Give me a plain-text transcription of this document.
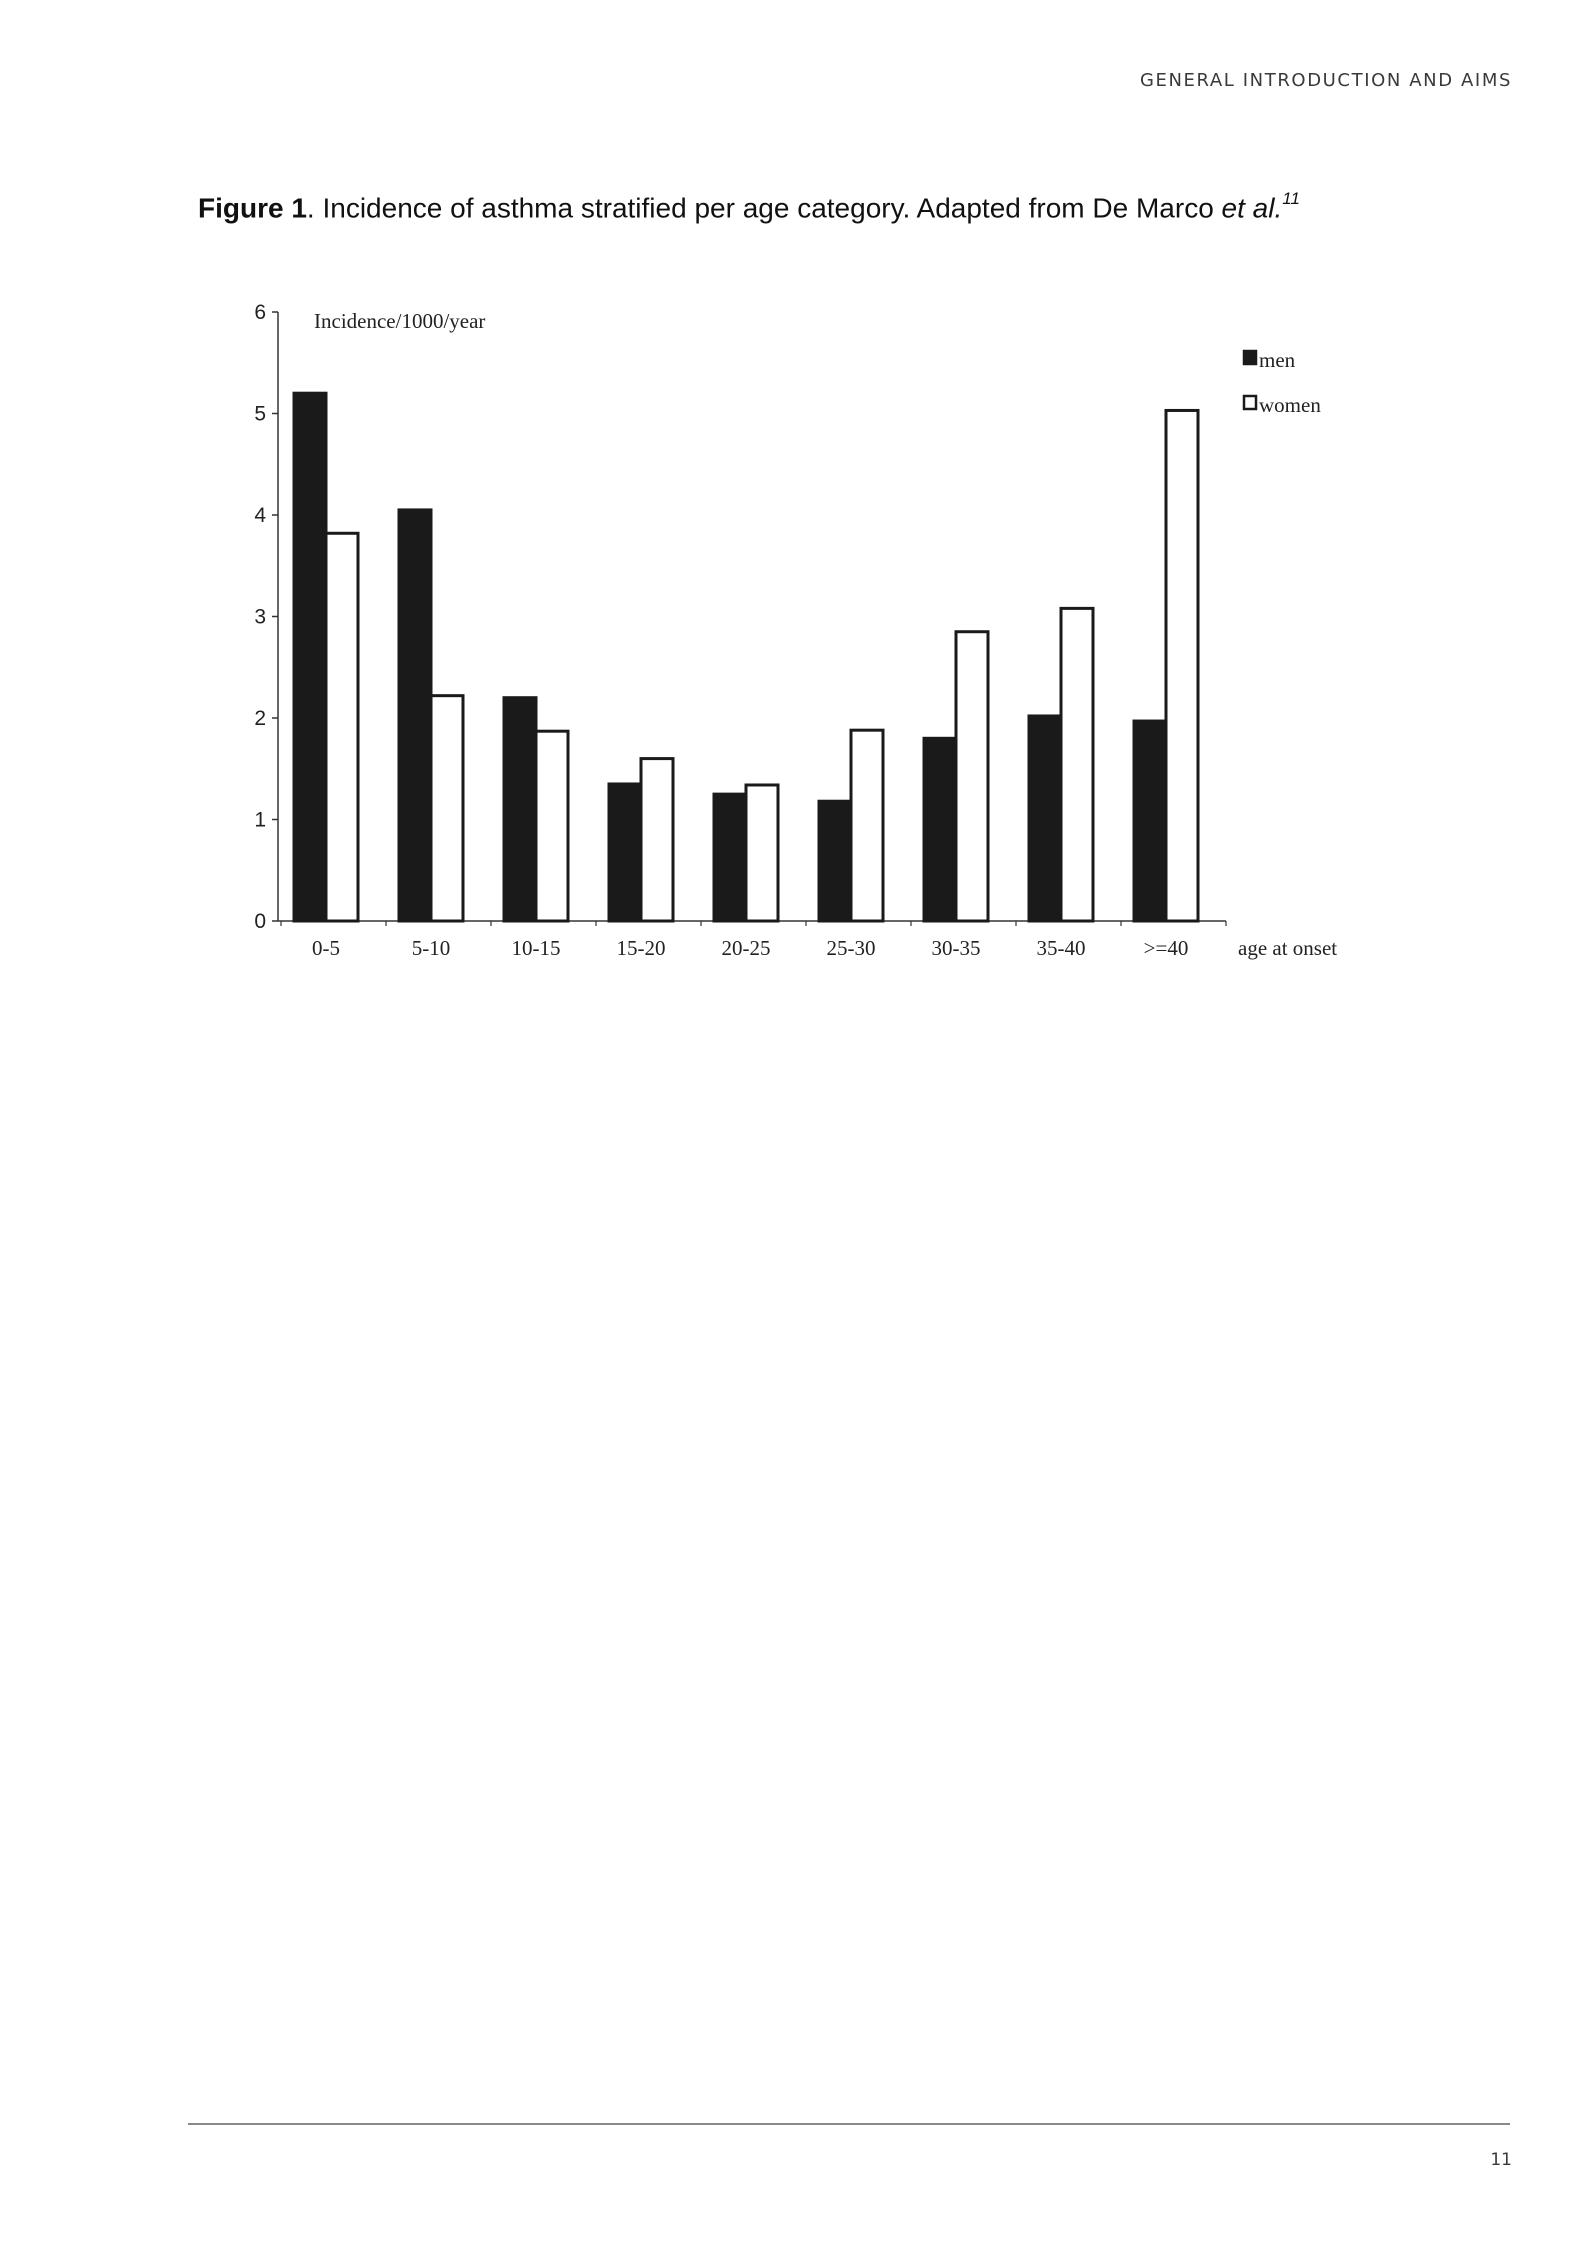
GENERAL INTRODUCTION AND AIMS
Figure 1. Incidence of asthma stratified per age category. Adapted from De Marco et al.$^{11}$
0
1
2
3
4
5
6
0-5	5-10	10-15	15-20	20-25	25-30	30-35	35-40	>=40
Incidence/1000/year
age at onset
men
women
11
